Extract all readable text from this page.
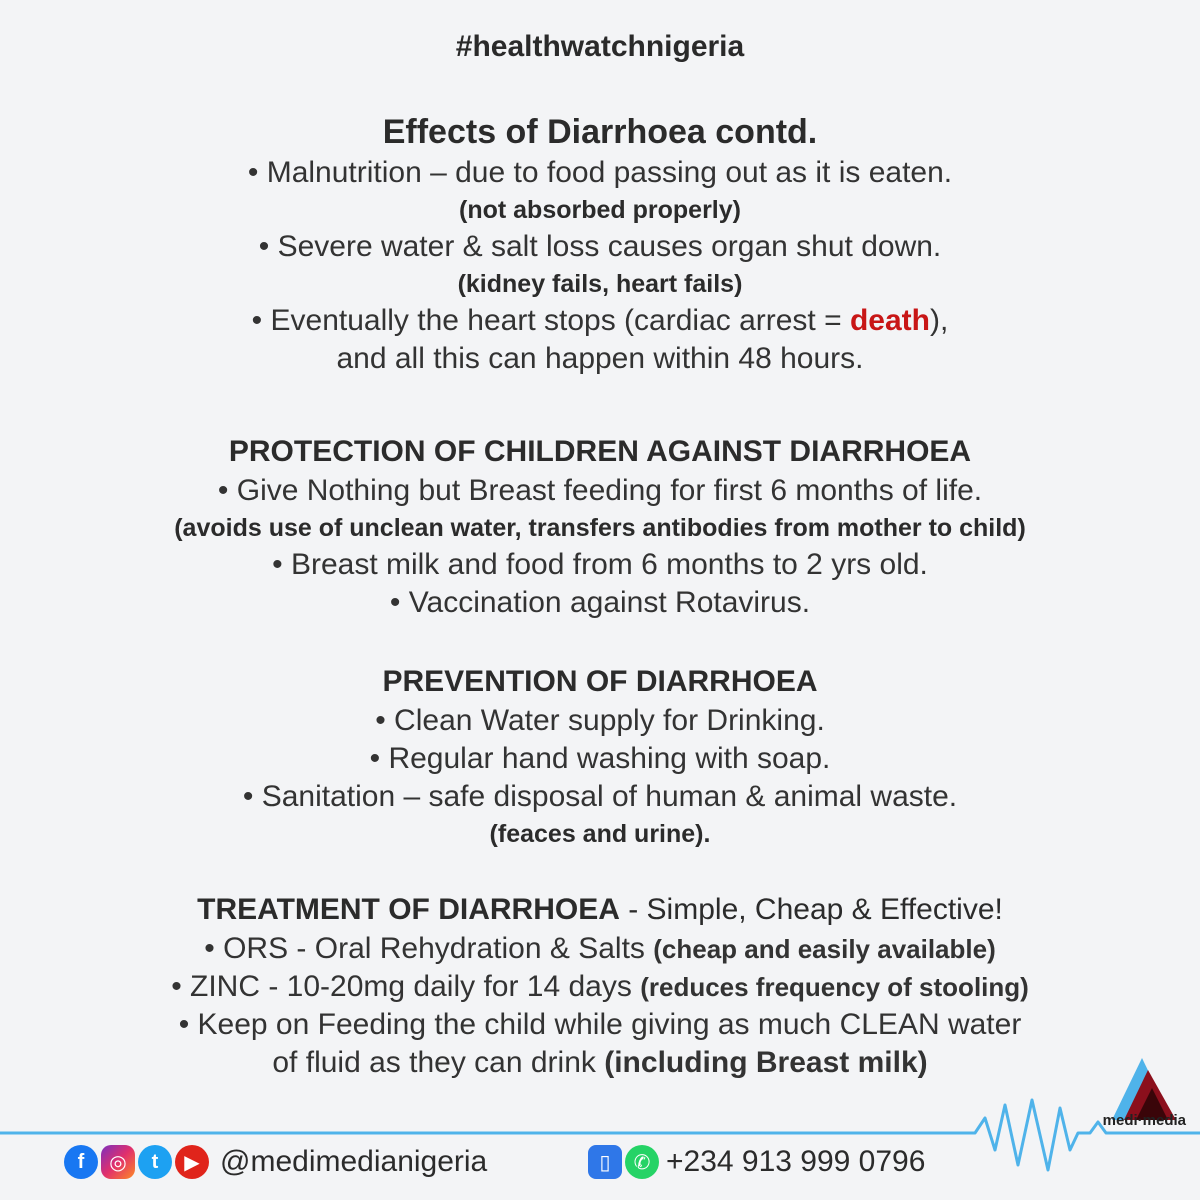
#healthwatchnigeria
Effects of Diarrhoea contd.
• Malnutrition – due to food passing out as it is eaten.
(not absorbed properly)
• Severe water & salt loss causes organ shut down.
(kidney fails, heart fails)
• Eventually the heart stops (cardiac arrest = death),
and all this can happen within 48 hours.
PROTECTION OF CHILDREN AGAINST DIARRHOEA
• Give Nothing but Breast feeding for first 6 months of life.
(avoids use of unclean water, transfers antibodies from mother to child)
• Breast milk and food from 6 months to 2 yrs old.
• Vaccination against Rotavirus.
PREVENTION OF DIARRHOEA
• Clean Water supply for Drinking.
• Regular hand washing with soap.
• Sanitation – safe disposal of human & animal waste.
(feaces and urine).
TREATMENT OF DIARRHOEA - Simple, Cheap & Effective!
• ORS - Oral Rehydration & Salts (cheap and easily available)
• ZINC - 10-20mg daily for 14 days (reduces frequency of stooling)
• Keep on Feeding the child while giving as much CLEAN water
of fluid as they can drink (including Breast milk)
medi·media
f	◎	t	▶ @medimedianigeria	▯	✆ +234 913 999 0796
